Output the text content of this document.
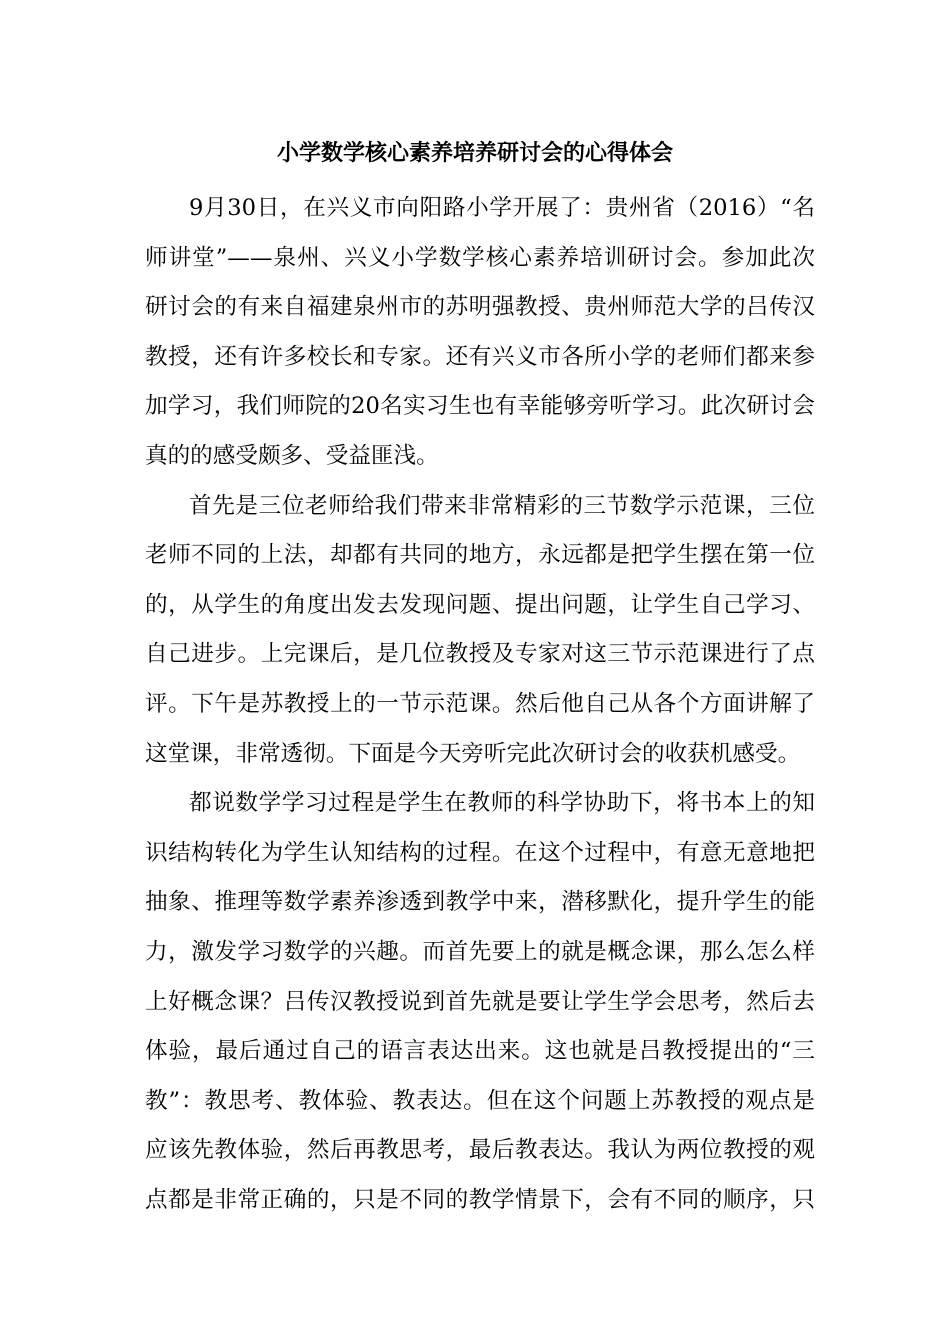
小学数学核心素养培养研讨会的心得体会
9月30日，在兴义市向阳路小学开展了：贵州省（2016）“名
师讲堂”——泉州、兴义小学数学核心素养培训研讨会。参加此次
研讨会的有来自福建泉州市的苏明强教授、贵州师范大学的吕传汉
教授，还有许多校长和专家。还有兴义市各所小学的老师们都来参
加学习，我们师院的20名实习生也有幸能够旁听学习。此次研讨会
真的的感受颇多、受益匪浅。
首先是三位老师给我们带来非常精彩的三节数学示范课，三位
老师不同的上法，却都有共同的地方，永远都是把学生摆在第一位
的，从学生的角度出发去发现问题、提出问题，让学生自己学习、
自己进步。上完课后，是几位教授及专家对这三节示范课进行了点
评。下午是苏教授上的一节示范课。然后他自己从各个方面讲解了
这堂课，非常透彻。下面是今天旁听完此次研讨会的收获机感受。
都说数学学习过程是学生在教师的科学协助下，将书本上的知
识结构转化为学生认知结构的过程。在这个过程中，有意无意地把
抽象、推理等数学素养渗透到教学中来，潜移默化，提升学生的能
力，激发学习数学的兴趣。而首先要上的就是概念课，那么怎么样
上好概念课？吕传汉教授说到首先就是要让学生学会思考，然后去
体验，最后通过自己的语言表达出来。这也就是吕教授提出的“三
教”：教思考、教体验、教表达。但在这个问题上苏教授的观点是
应该先教体验，然后再教思考，最后教表达。我认为两位教授的观
点都是非常正确的，只是不同的教学情景下，会有不同的顺序，只
